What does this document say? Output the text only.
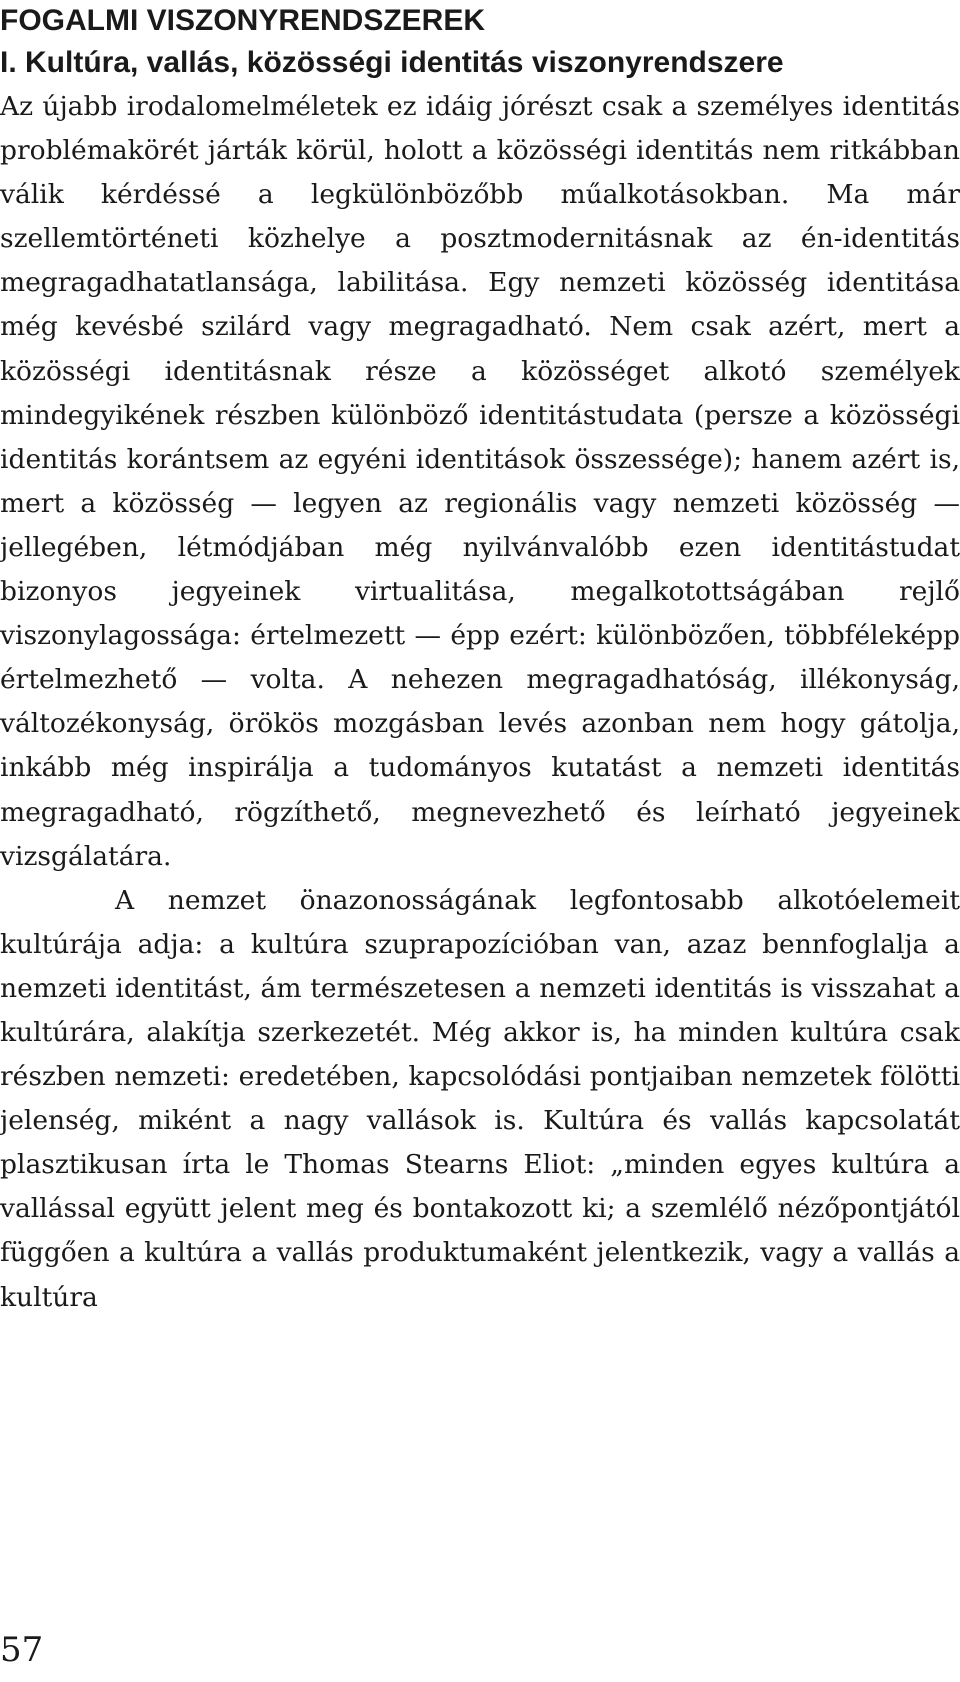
FOGALMI VISZONYRENDSZEREK
I. Kultúra, vallás, közösségi identitás viszonyrendszere

Az újabb irodalomelméletek ez idáig jórészt csak a személyes identitás problémakörét járták körül, holott a közösségi identitás nem ritkábban válik kérdéssé a legkülönbözőbb műalkotásokban. Ma már szellemtörténeti közhelye a posztmodernitásnak az én-identitás megragadhatatlansága, labilitása. Egy nemzeti közösség identitása még kevésbé szilárd vagy megragadható. Nem csak azért, mert a közösségi identitásnak része a közösséget alkotó személyek mindegyikének részben különböző identitástudata (persze a közösségi identitás korántsem az egyéni identitások összessége); hanem azért is, mert a közösség — legyen az regionális vagy nemzeti közösség — jellegében, létmódjában még nyilvánvalóbb ezen identitástudat bizonyos jegyeinek virtualitása, megalkotottságában rejlő viszonylagossága: értelmezett — épp ezért: különbözően, többféleképp értelmezhető — volta. A nehezen megragadhatóság, illékonyság, változékonyság, örökös mozgásban levés azonban nem hogy gátolja, inkább még inspirálja a tudományos kutatást a nemzeti identitás megragadható, rögzíthető, megnevezhető és leírható jegyeinek vizsgálatára.

A nemzet önazonosságának legfontosabb alkotóelemeit kultúrája adja: a kultúra szuprapozícióban van, azaz bennfoglalja a nemzeti identitást, ám természetesen a nemzeti identitás is visszahat a kultúrára, alakítja szerkezetét. Még akkor is, ha minden kultúra csak részben nemzeti: eredetében, kapcsolódási pontjaiban nemzetek fölötti jelenség, miként a nagy vallások is. Kultúra és vallás kapcsolatát plasztikusan írta le Thomas Stearns Eliot: „minden egyes kultúra a vallással együtt jelent meg és bontakozott ki; a szemlélő nézőpontjától függően a kultúra a vallás produktumaként jelentkezik, vagy a vallás a kultúra

57
